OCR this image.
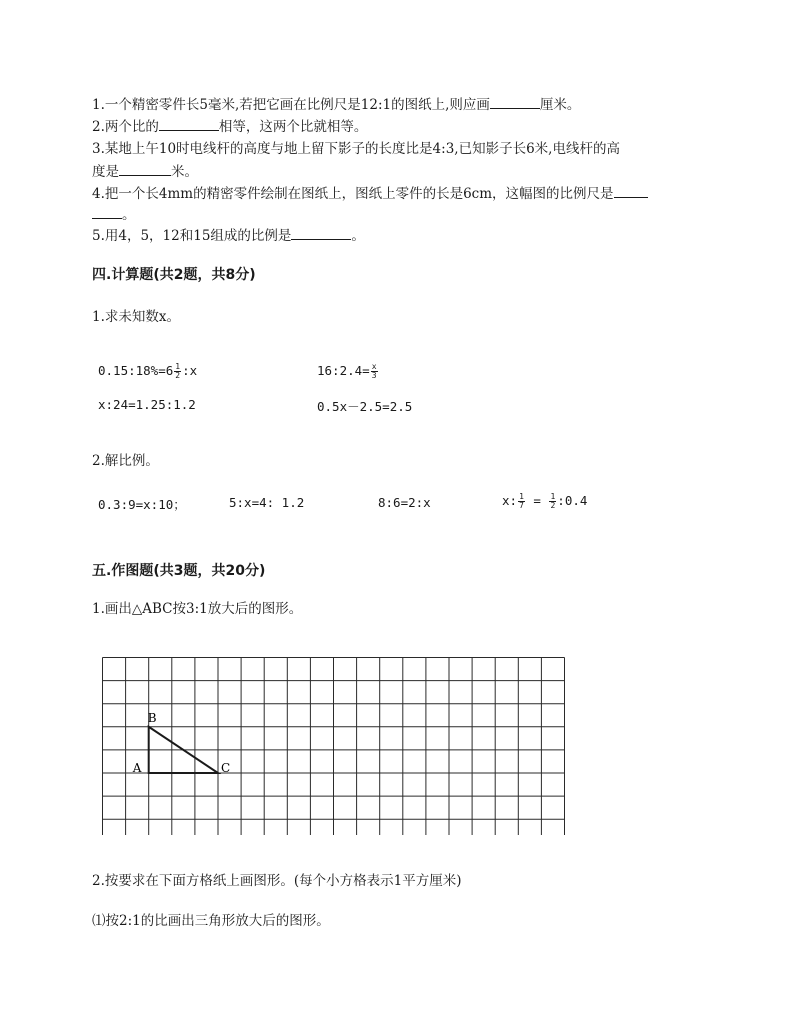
1.一个精密零件长5毫米,若把它画在比例尺是12:1的图纸上,则应画	厘米。
2.两个比的	相等，这两个比就相等。
3.某地上午10时电线杆的高度与地上留下影子的长度比是4:3,已知影子长6米,电线杆的高
度是	米。
4.把一个长4mm的精密零件绘制在图纸上，图纸上零件的长是6cm，这幅图的比例尺是
。
5.用4，5，12和15组成的比例是	。
四.计算题(共2题，共8分)
1.求未知数x。
0.15:18%=6 $\frac{1}{2}$ :x	16:2.4= $\frac{x}{3}$
x:24=1.25:1.2	0.5x－2.5=2.5
2.解比例。
0.3:9=x:10；	5:x=4: 1.2	8:6=2:x	x: $\frac{1}{7} = \frac{1}{2}$ :0.4
五.作图题(共3题，共20分)
1.画出△ABC按3:1放大后的图形。
A
B
C
2.按要求在下面方格纸上画图形。(每个小方格表示1平方厘米)
⑴按2:1的比画出三角形放大后的图形。
